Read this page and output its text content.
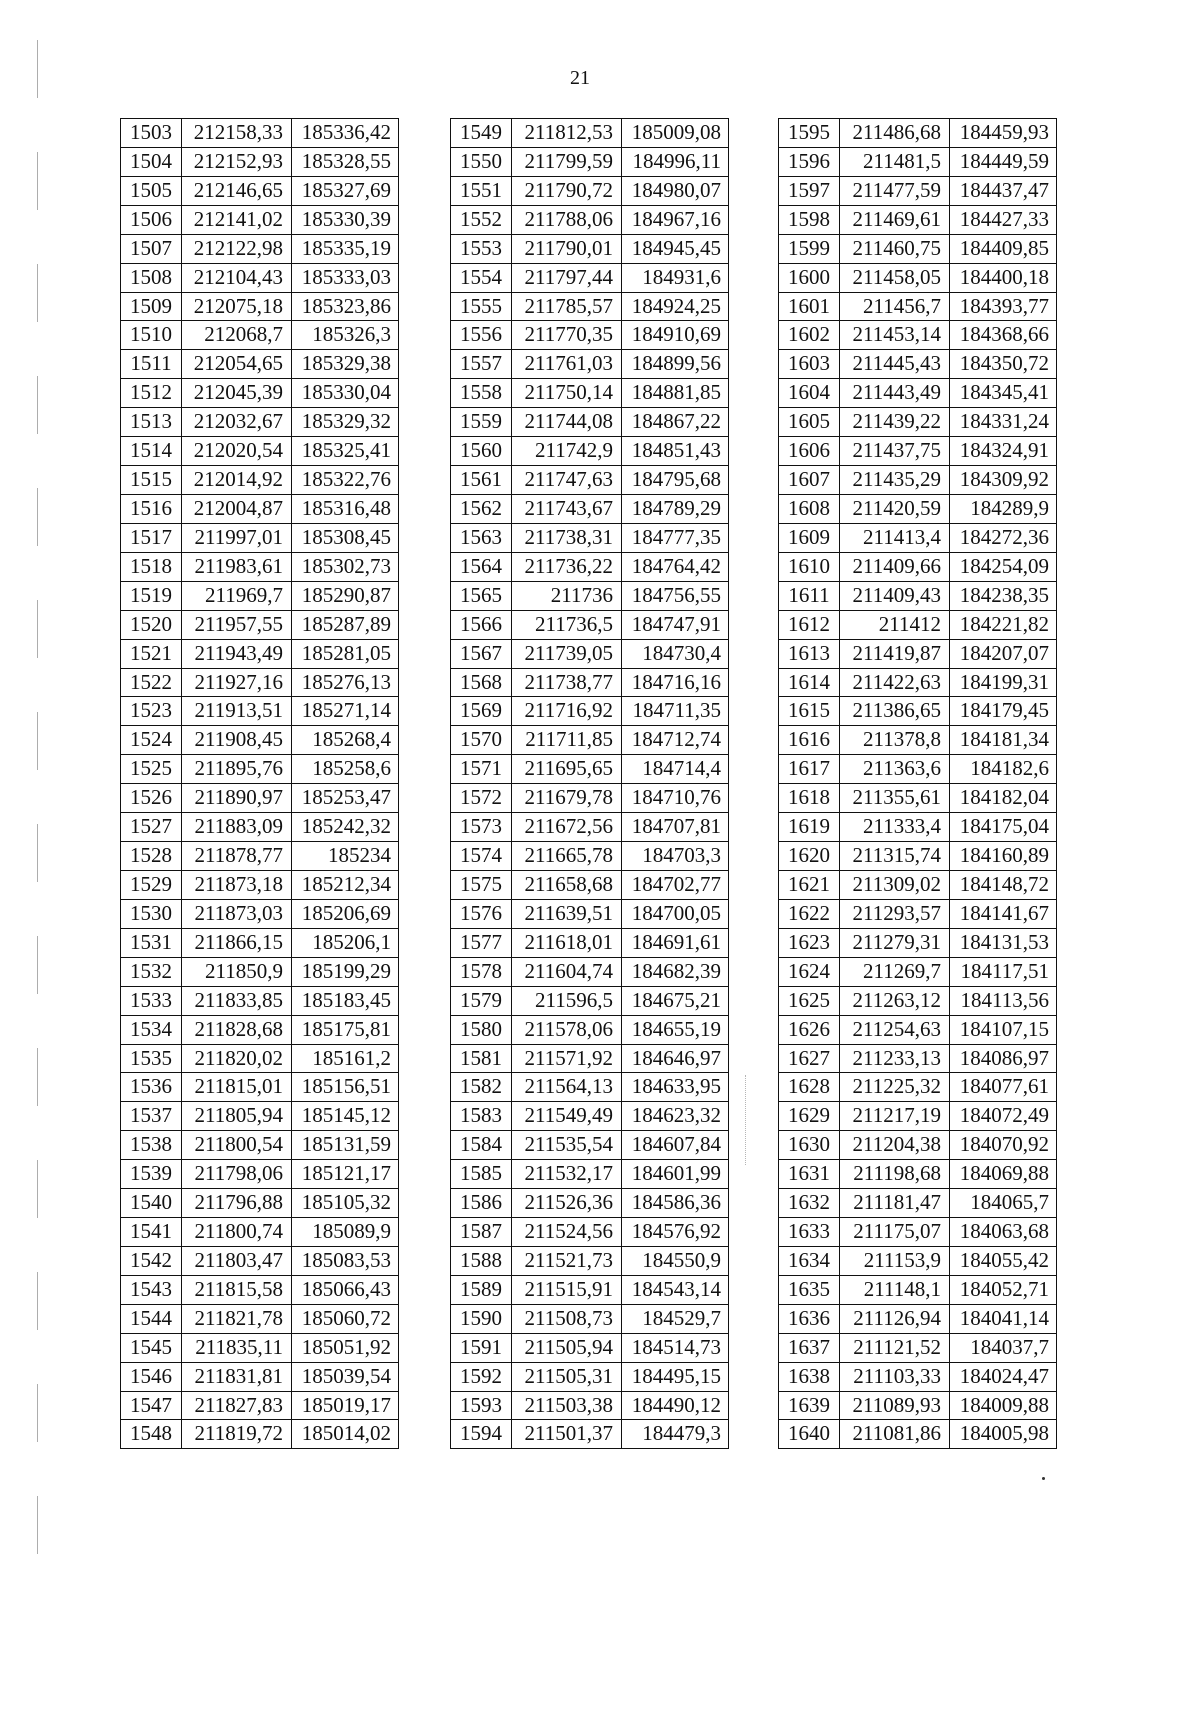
21
1503	212158,33 185336,42
1504	212152,93 185328,55
1505	212146,65 185327,69
1506	212141,02 185330,39
1507	212122,98 185335,19
1508	212104,43 185333,03
1509	212075,18 185323,86
1510	212068,7	185326,3
1511	212054,65 185329,38
1512	212045,39 185330,04
1513	212032,67 185329,32
1514	212020,54 185325,41
1515	212014,92 185322,76
1516	212004,87 185316,48
1517	211997,01 185308,45
1518	211983,61 185302,73
1519	211969,7 185290,87
1520	211957,55 185287,89
1521	211943,49 185281,05
1522	211927,16 185276,13
1523	211913,51 185271,14
1524	211908,45	185268,4
1525	211895,76	185258,6
1526	211890,97 185253,47
1527	211883,09 185242,32
1528	211878,77	185234
1529	211873,18 185212,34
1530	211873,03 185206,69
1531	211866,15	185206,1
1532	211850,9 185199,29
1533	211833,85 185183,45
1534	211828,68 185175,81
1535	211820,02	185161,2
1536	211815,01 185156,51
1537	211805,94 185145,12
1538	211800,54 185131,59
1539	211798,06 185121,17
1540	211796,88 185105,32
1541	211800,74	185089,9
1542	211803,47 185083,53
1543	211815,58 185066,43
1544	211821,78 185060,72
1545	211835,11 185051,92
1546	211831,81 185039,54
1547	211827,83 185019,17
1548	211819,72 185014,02
1549	211812,53 185009,08
1550	211799,59 184996,11
1551	211790,72 184980,07
1552	211788,06 184967,16
1553	211790,01 184945,45
1554	211797,44	184931,6
1555	211785,57 184924,25
1556	211770,35 184910,69
1557	211761,03 184899,56
1558	211750,14 184881,85
1559	211744,08 184867,22
1560	211742,9 184851,43
1561	211747,63 184795,68
1562	211743,67 184789,29
1563	211738,31 184777,35
1564	211736,22 184764,42
1565	211736 184756,55
1566	211736,5 184747,91
1567	211739,05	184730,4
1568	211738,77 184716,16
1569	211716,92 184711,35
1570	211711,85 184712,74
1571	211695,65	184714,4
1572	211679,78 184710,76
1573	211672,56 184707,81
1574	211665,78	184703,3
1575	211658,68 184702,77
1576	211639,51 184700,05
1577	211618,01 184691,61
1578	211604,74 184682,39
1579	211596,5 184675,21
1580	211578,06 184655,19
1581	211571,92 184646,97
1582	211564,13 184633,95
1583	211549,49 184623,32
1584	211535,54 184607,84
1585	211532,17 184601,99
1586	211526,36 184586,36
1587	211524,56 184576,92
1588	211521,73	184550,9
1589	211515,91 184543,14
1590	211508,73	184529,7
1591	211505,94 184514,73
1592	211505,31 184495,15
1593	211503,38 184490,12
1594	211501,37	184479,3
1595	211486,68 184459,93
1596	211481,5 184449,59
1597	211477,59 184437,47
1598	211469,61 184427,33
1599	211460,75 184409,85
1600	211458,05 184400,18
1601	211456,7 184393,77
1602	211453,14 184368,66
1603	211445,43 184350,72
1604	211443,49 184345,41
1605	211439,22 184331,24
1606	211437,75 184324,91
1607	211435,29 184309,92
1608	211420,59	184289,9
1609	211413,4 184272,36
1610	211409,66 184254,09
1611	211409,43 184238,35
1612	211412 184221,82
1613	211419,87 184207,07
1614	211422,63 184199,31
1615	211386,65 184179,45
1616	211378,8 184181,34
1617	211363,6	184182,6
1618	211355,61 184182,04
1619	211333,4 184175,04
1620	211315,74 184160,89
1621	211309,02 184148,72
1622	211293,57 184141,67
1623	211279,31 184131,53
1624	211269,7 184117,51
1625	211263,12 184113,56
1626	211254,63 184107,15
1627	211233,13 184086,97
1628	211225,32 184077,61
1629	211217,19 184072,49
1630	211204,38 184070,92
1631	211198,68 184069,88
1632	211181,47	184065,7
1633	211175,07 184063,68
1634	211153,9 184055,42
1635	211148,1 184052,71
1636	211126,94 184041,14
1637	211121,52	184037,7
1638	211103,33 184024,47
1639	211089,93 184009,88
1640	211081,86 184005,98
